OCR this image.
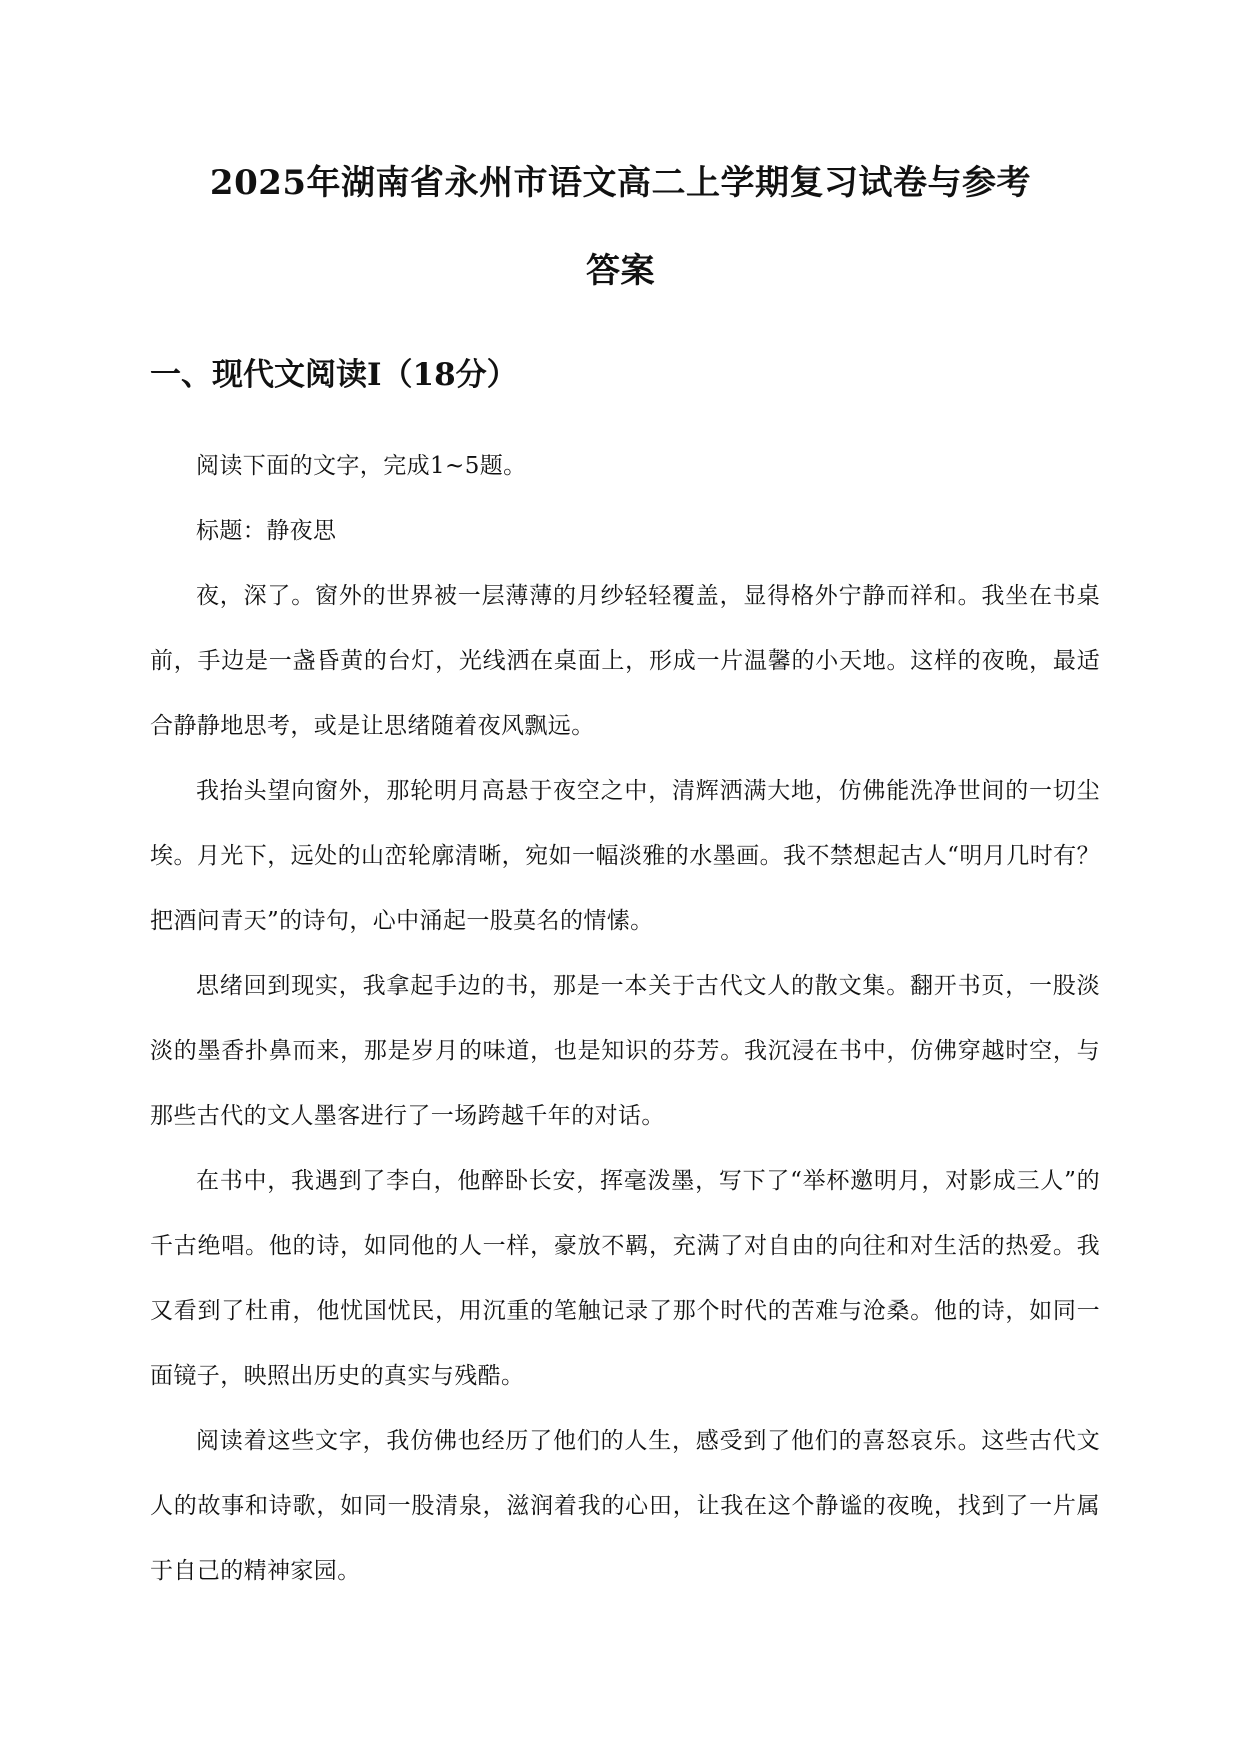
2025年湖南省永州市语文高二上学期复习试卷与参考
答案
一、现代文阅读Ⅰ（18分）

阅读下面的文字，完成1~5题。

标题：静夜思

夜，深了。窗外的世界被一层薄薄的月纱轻轻覆盖，显得格外宁静而祥和。我坐在书桌前，手边是一盏昏黄的台灯，光线洒在桌面上，形成一片温馨的小天地。这样的夜晚，最适合静静地思考，或是让思绪随着夜风飘远。

我抬头望向窗外，那轮明月高悬于夜空之中，清辉洒满大地，仿佛能洗净世间的一切尘埃。月光下，远处的山峦轮廓清晰，宛如一幅淡雅的水墨画。我不禁想起古人“明月几时有？把酒问青天”的诗句，心中涌起一股莫名的情愫。

思绪回到现实，我拿起手边的书，那是一本关于古代文人的散文集。翻开书页，一股淡淡的墨香扑鼻而来，那是岁月的味道，也是知识的芬芳。我沉浸在书中，仿佛穿越时空，与那些古代的文人墨客进行了一场跨越千年的对话。

在书中，我遇到了李白，他醉卧长安，挥毫泼墨，写下了“举杯邀明月，对影成三人”的千古绝唱。他的诗，如同他的人一样，豪放不羁，充满了对自由的向往和对生活的热爱。我又看到了杜甫，他忧国忧民，用沉重的笔触记录了那个时代的苦难与沧桑。他的诗，如同一面镜子，映照出历史的真实与残酷。

阅读着这些文字，我仿佛也经历了他们的人生，感受到了他们的喜怒哀乐。这些古代文人的故事和诗歌，如同一股清泉，滋润着我的心田，让我在这个静谧的夜晚，找到了一片属于自己的精神家园。
